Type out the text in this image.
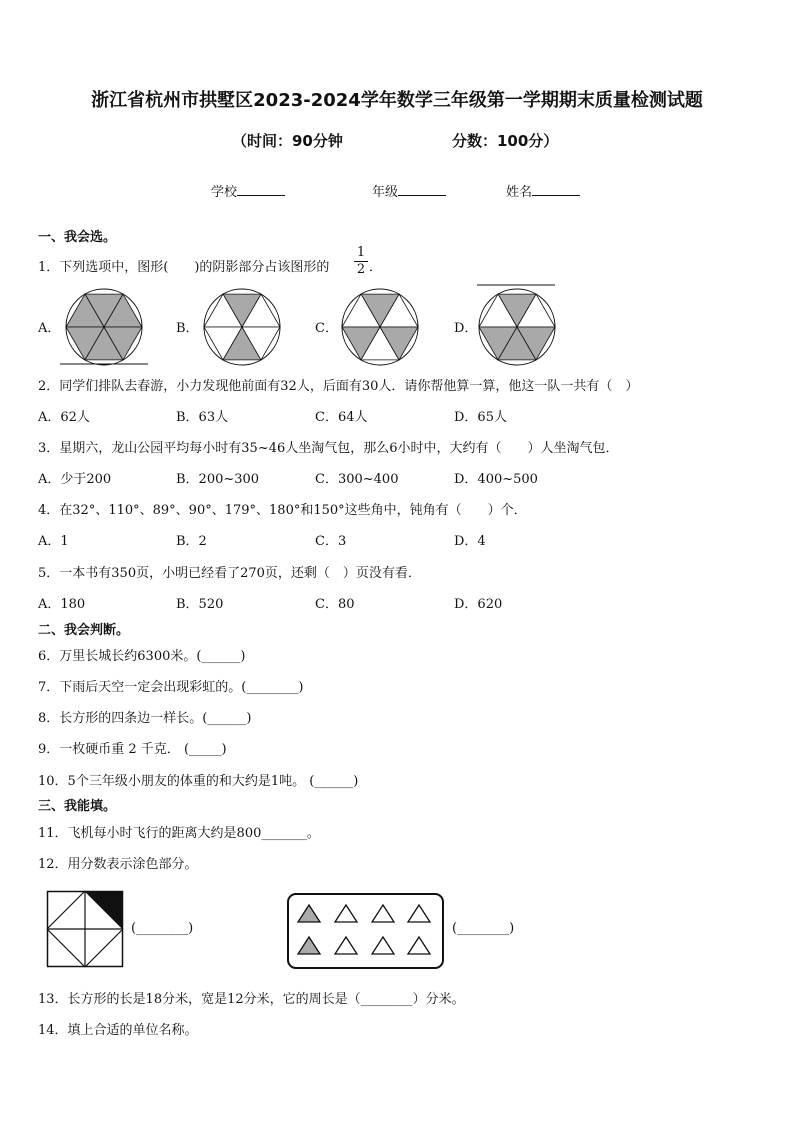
浙江省杭州市拱墅区2023-2024学年数学三年级第一学期期末质量检测试题
（时间：90分钟	分数：100分）
学校	年级	姓名
一、我会选。
1．下列选项中，图形(　　)的阴影部分占该图形的
1
2 ．
A．	B．	C．	D．
2．同学们排队去春游，小力发现他前面有32人，后面有30人．请你帮他算一算，他这一队一共有（　）
A．62人	B．63人	C．64人	D．65人
3．星期六，龙山公园平均每小时有35~46人坐淘气包，那么6小时中，大约有（　　）人坐淘气包．
A．少于200	B．200~300	C．300~400	D．400~500
4．在32°、110°、89°、90°、179°、180°和150°这些角中，钝角有（　　）个．
A．1	B．2	C．3	D．4
5．一本书有350页，小明已经看了270页，还剩（　）页没有看．
A．180	B．520	C．80	D．620
二、我会判断。
6．万里长城长约6300米。(______)
7．下雨后天空一定会出现彩虹的。(________)
8．长方形的四条边一样长。(______)
9．一枚硬币重 2 千克． (_____)
10．5个三年级小朋友的体重的和大约是1吨。 (______)
三、我能填。
11．飞机每小时飞行的距离大约是800_______。
12．用分数表示涂色部分。
(________)	(________)
13．长方形的长是18分米，宽是12分米，它的周长是（________）分米。
14．填上合适的单位名称。
